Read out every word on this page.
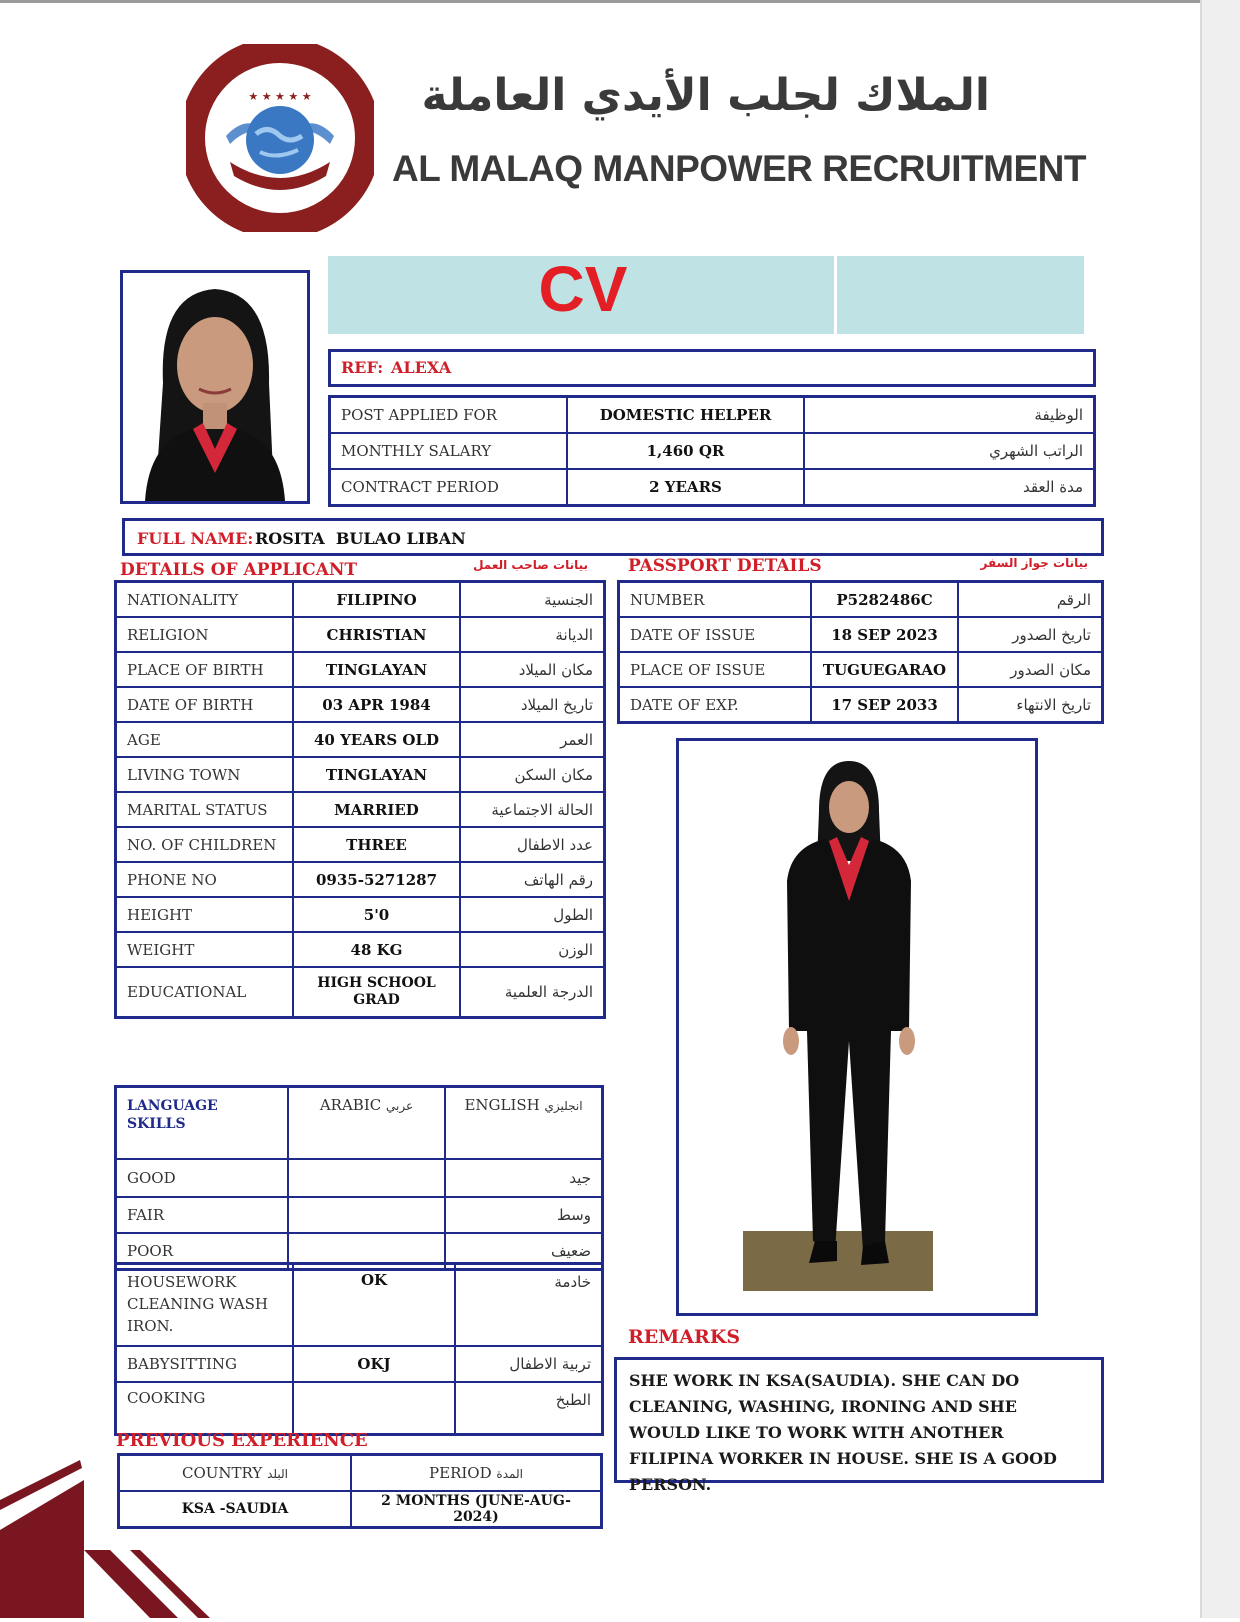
★ ★ ★ ★ ★	الملاك لجلب الأيدي العاملة
AL MALAQ MANPOWER RECRUITMENT
CV
REF: ALEXA
POST APPLIED FOR	DOMESTIC HELPER	الوظيفة
MONTHLY SALARY	1,460 QR	الراتب الشهري
CONTRACT PERIOD	2 YEARS	مدة العقد
FULL NAME: ROSITA  BULAO LIBAN
DETAILS OF APPLICANT	بيانات صاحب العمل
NATIONALITY	FILIPINO	الجنسية
RELIGION	CHRISTIAN	الديانة
PLACE OF BIRTH	TINGLAYAN	مكان الميلاد
DATE OF BIRTH	03 APR 1984	تاريخ الميلاد
AGE	40 YEARS OLD	العمر
LIVING TOWN	TINGLAYAN	مكان السكن
MARITAL STATUS	MARRIED	الحالة الاجتماعية
NO. OF CHILDREN	THREE	عدد الاطفال
PHONE NO	0935-5271287	رقم الهاتف
HEIGHT	5'0	الطول
WEIGHT	48 KG	الوزن
EDUCATIONAL	HIGH SCHOOL GRAD	الدرجة العلمية
PASSPORT DETAILS	بيانات جواز السفر
NUMBER	P5282486C	الرقم
DATE OF ISSUE	18 SEP 2023	تاريخ الصدور
PLACE OF ISSUE	TUGUEGARAO	مكان الصدور
DATE OF EXP.	17 SEP 2033	تاريخ الانتهاء
LANGUAGE SKILLS	ARABIC عربي	ENGLISH انجليزي
GOOD		جيد
FAIR		وسط
POOR		ضعيف
HOUSEWORK
CLEANING WASH
IRON.	OK	خادمة
BABYSITTING	OKJ	تربية الاطفال
COOKING		الطبخ
PREVIOUS EXPERIENCE
COUNTRY البلد	PERIOD المدة
KSA -SAUDIA	2 MONTHS (JUNE-AUG-2024)
REMARKS
SHE WORK IN KSA(SAUDIA). SHE CAN DO CLEANING, WASHING, IRONING AND SHE WOULD LIKE TO WORK WITH ANOTHER FILIPINA WORKER IN HOUSE. SHE IS A GOOD PERSON.
